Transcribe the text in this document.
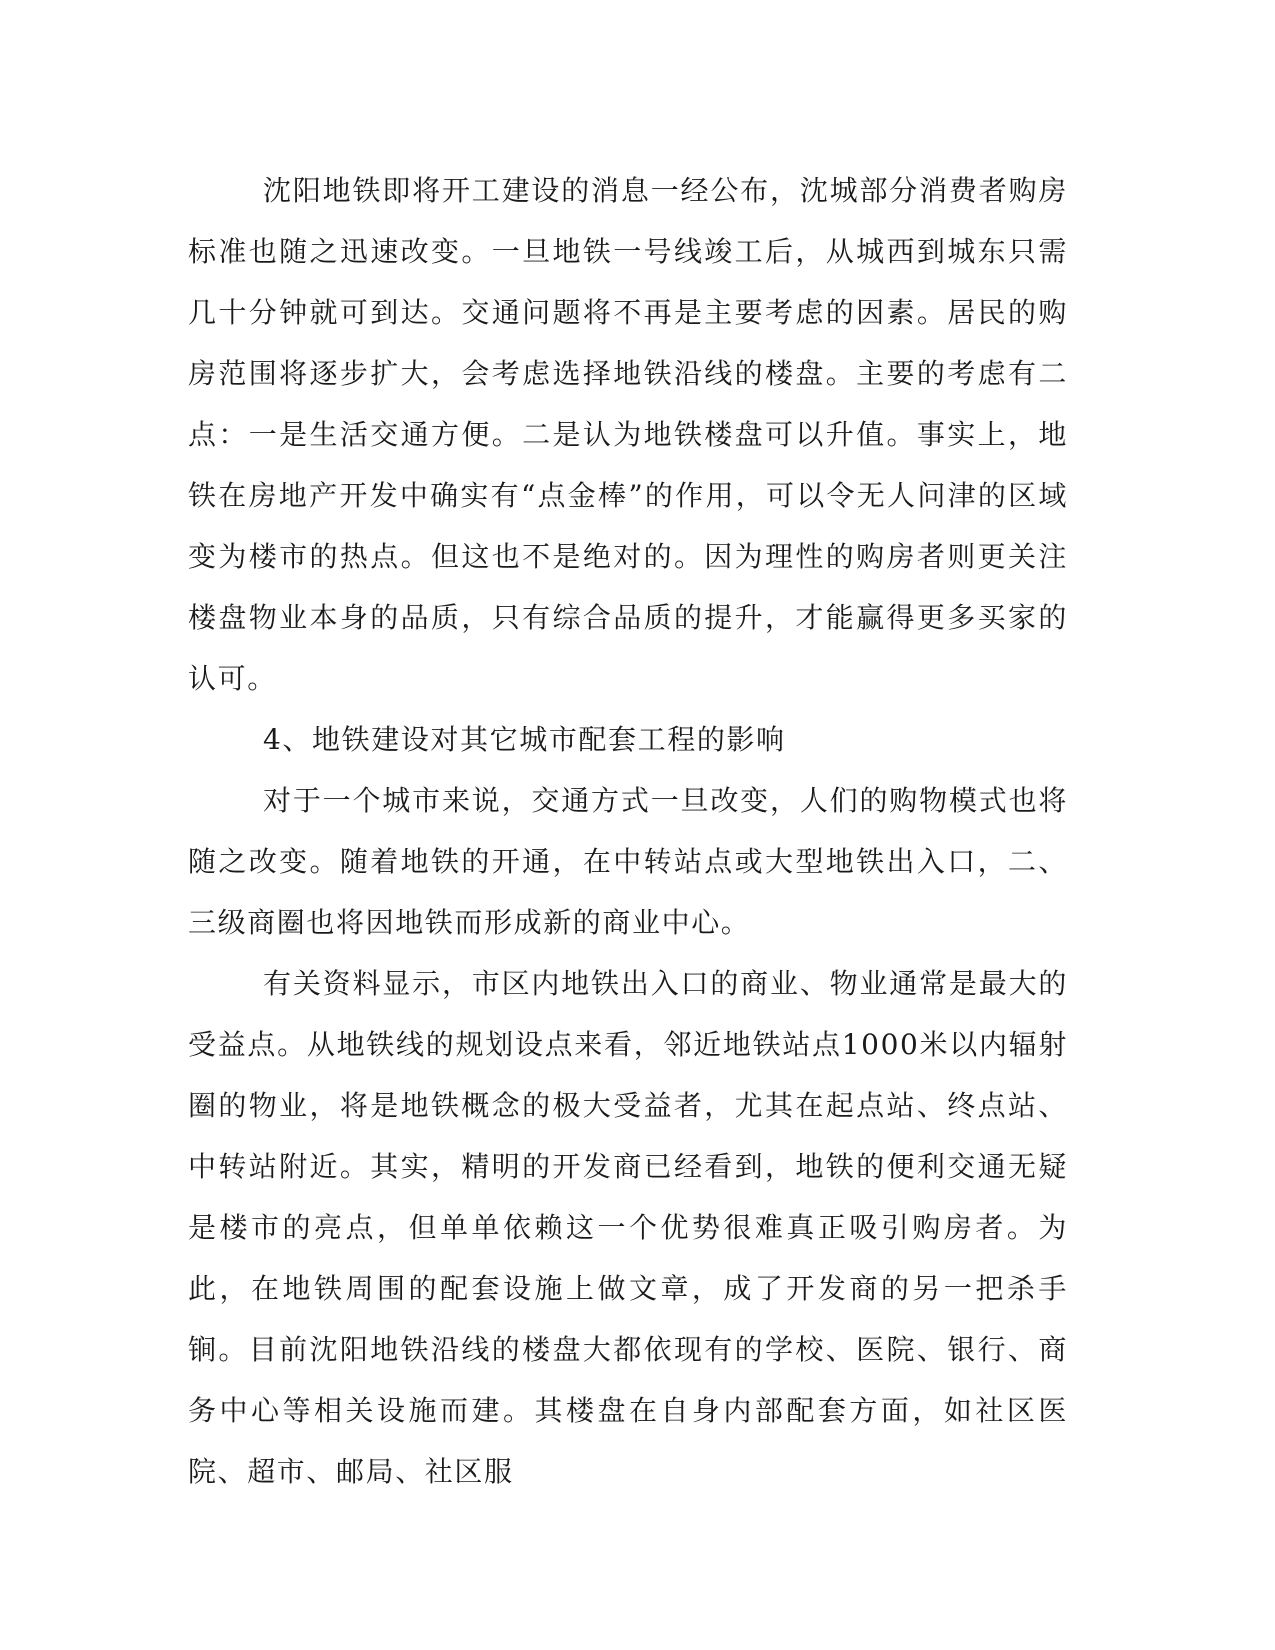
沈阳地铁即将开工建设的消息一经公布，沈城部分消费者购房标准也随之迅速改变。一旦地铁一号线竣工后，从城西到城东只需几十分钟就可到达。交通问题将不再是主要考虑的因素。居民的购房范围将逐步扩大，会考虑选择地铁沿线的楼盘。主要的考虑有二点：一是生活交通方便。二是认为地铁楼盘可以升值。事实上，地铁在房地产开发中确实有“点金棒”的作用，可以令无人问津的区域变为楼市的热点。但这也不是绝对的。因为理性的购房者则更关注楼盘物业本身的品质，只有综合品质的提升，才能赢得更多买家的认可。

4、地铁建设对其它城市配套工程的影响

对于一个城市来说，交通方式一旦改变，人们的购物模式也将随之改变。随着地铁的开通，在中转站点或大型地铁出入口，二、三级商圈也将因地铁而形成新的商业中心。

有关资料显示，市区内地铁出入口的商业、物业通常是最大的受益点。从地铁线的规划设点来看，邻近地铁站点1000米以内辐射圈的物业，将是地铁概念的极大受益者，尤其在起点站、终点站、中转站附近。其实，精明的开发商已经看到，地铁的便利交通无疑是楼市的亮点，但单单依赖这一个优势很难真正吸引购房者。为此，在地铁周围的配套设施上做文章，成了开发商的另一把杀手锏。目前沈阳地铁沿线的楼盘大都依现有的学校、医院、银行、商务中心等相关设施而建。其楼盘在自身内部配套方面，如社区医院、超市、邮局、社区服
